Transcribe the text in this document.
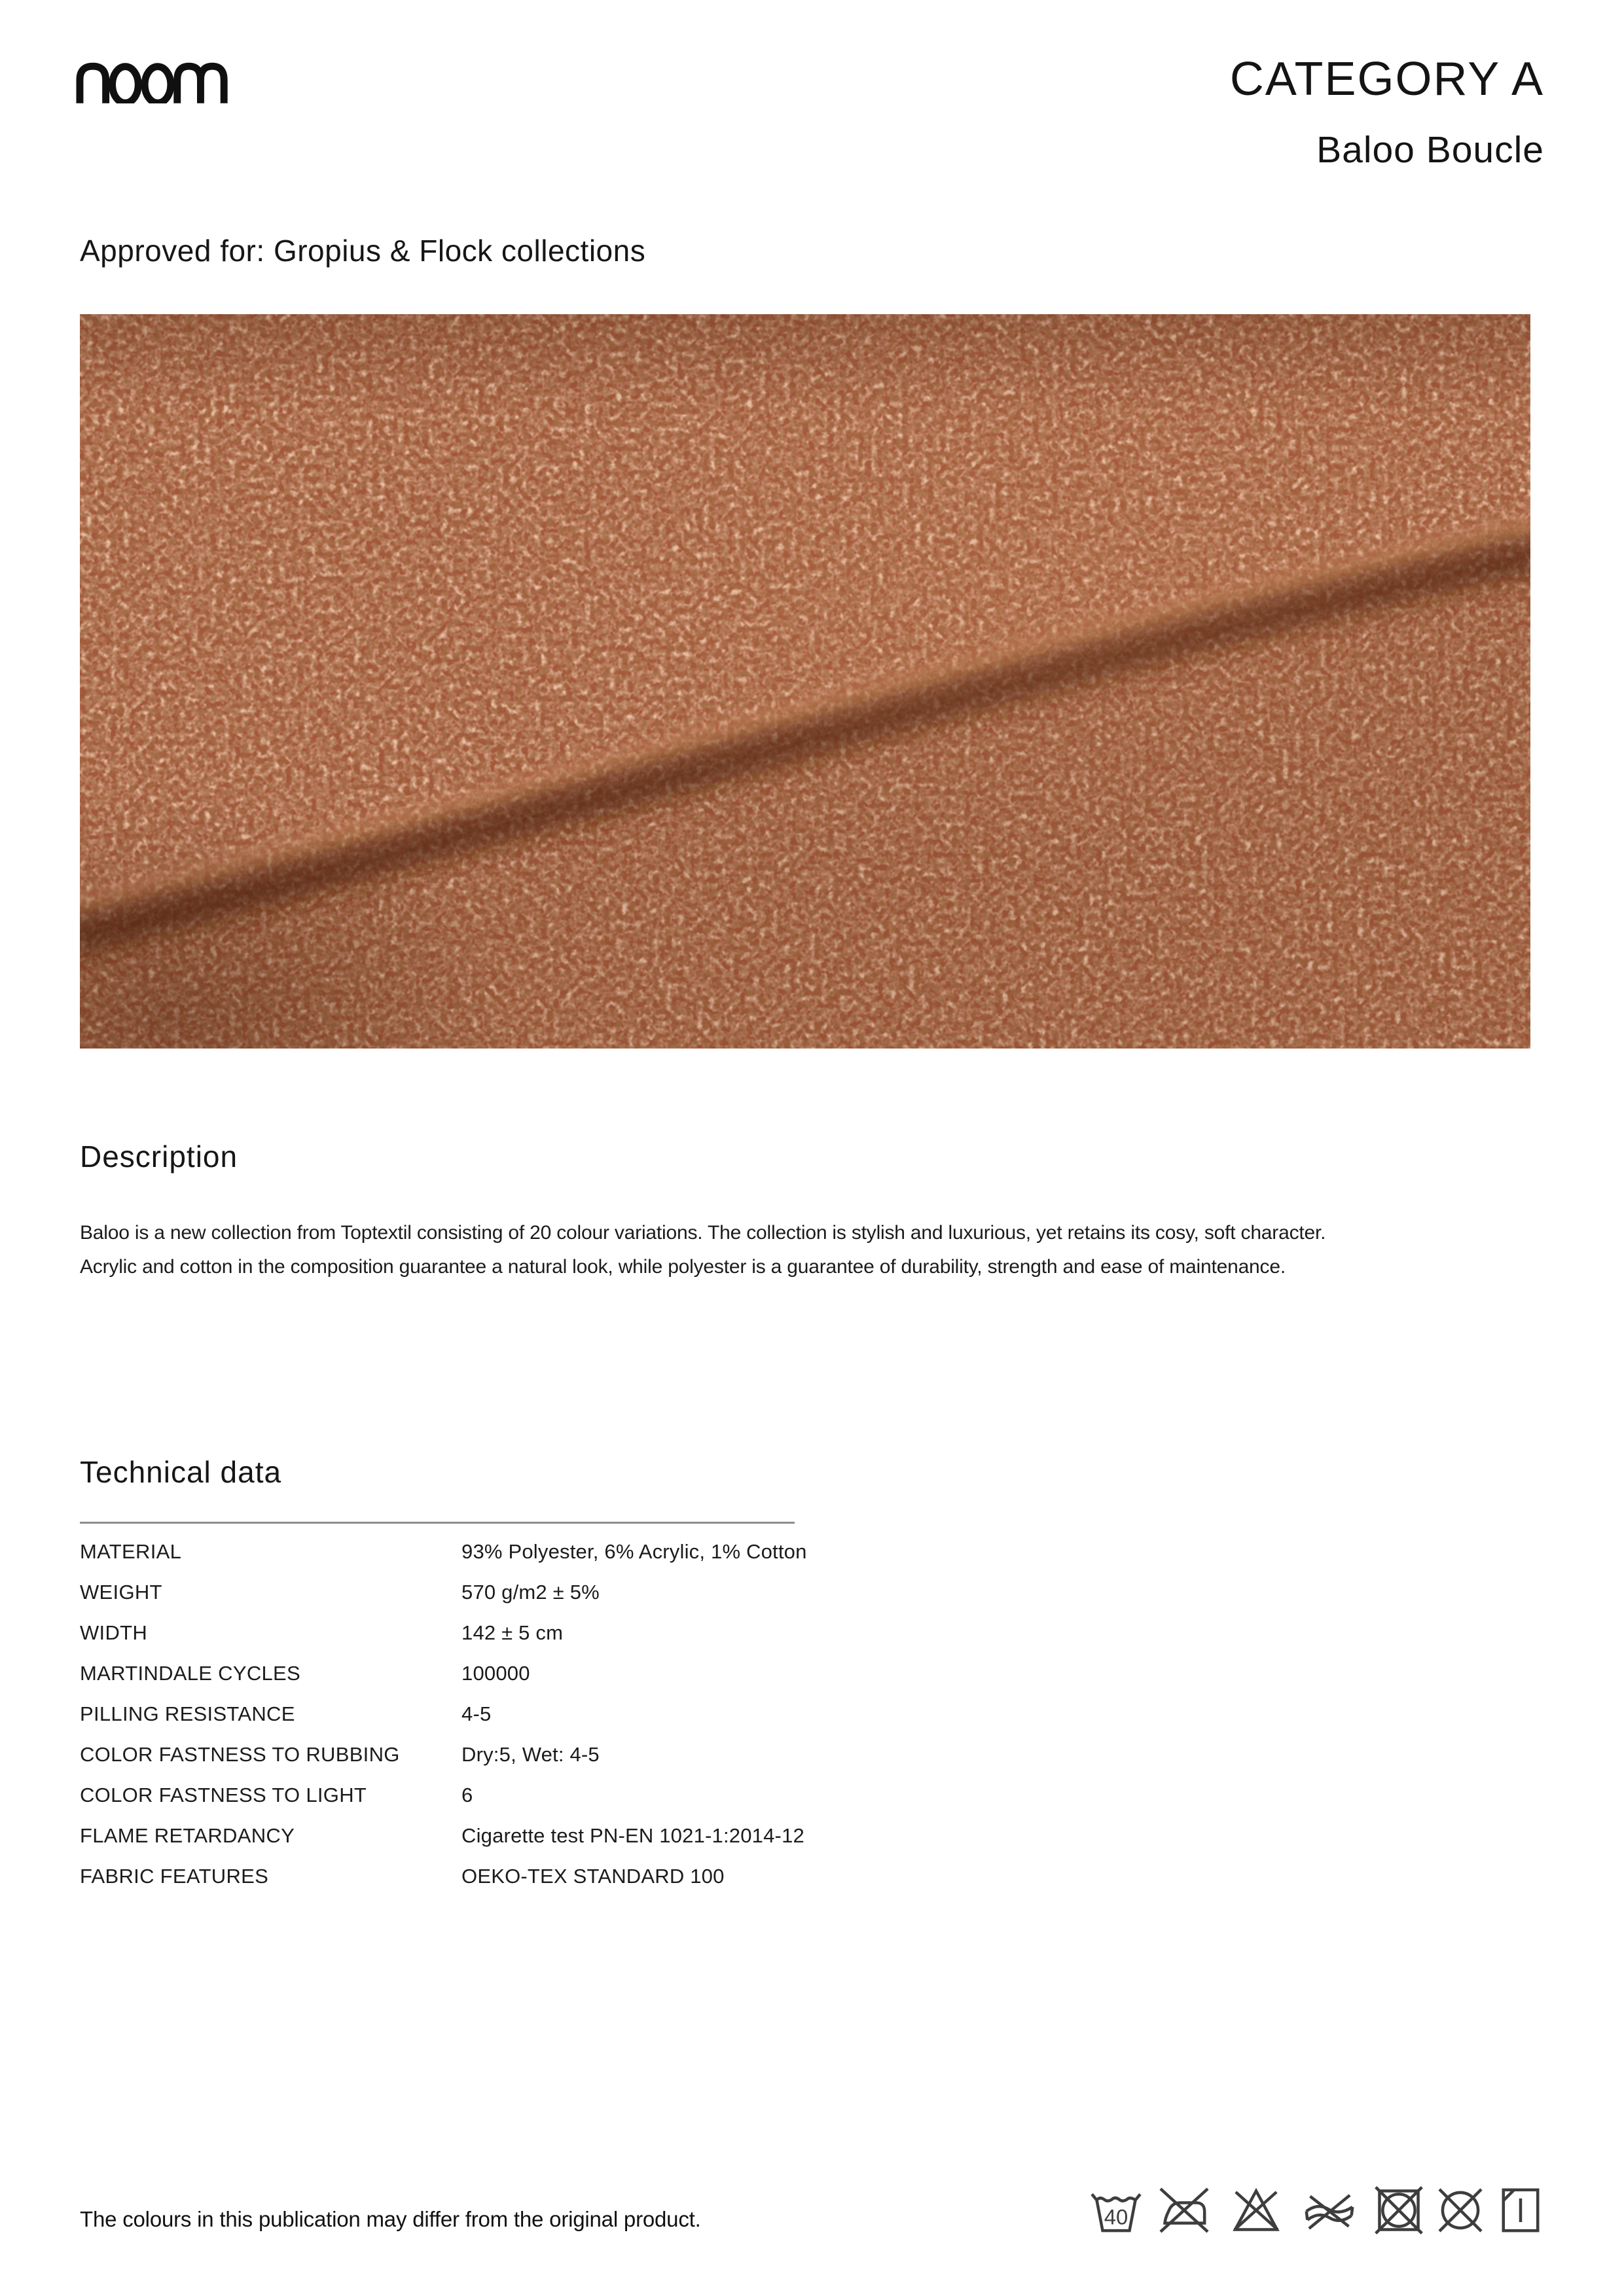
CATEGORY A
Baloo Boucle
Approved for: Gropius & Flock collections
Description
Baloo is a new collection from Toptextil consisting of 20 colour variations. The collection is stylish and luxurious, yet retains its cosy, soft character.
Acrylic and cotton in the composition guarantee a natural look, while polyester is a guarantee of durability, strength and ease of maintenance.
Technical data
MATERIAL	93% Polyester, 6% Acrylic, 1% Cotton
WEIGHT	570 g/m2 ± 5%
WIDTH	142 ± 5 cm
MARTINDALE CYCLES	100000
PILLING RESISTANCE	4-5
COLOR FASTNESS TO RUBBING	Dry:5, Wet: 4-5
COLOR FASTNESS TO LIGHT	6
FLAME RETARDANCY	Cigarette test PN-EN 1021-1:2014-12
FABRIC FEATURES	OEKO-TEX STANDARD 100
The colours in this publication may differ from the original product.	40
